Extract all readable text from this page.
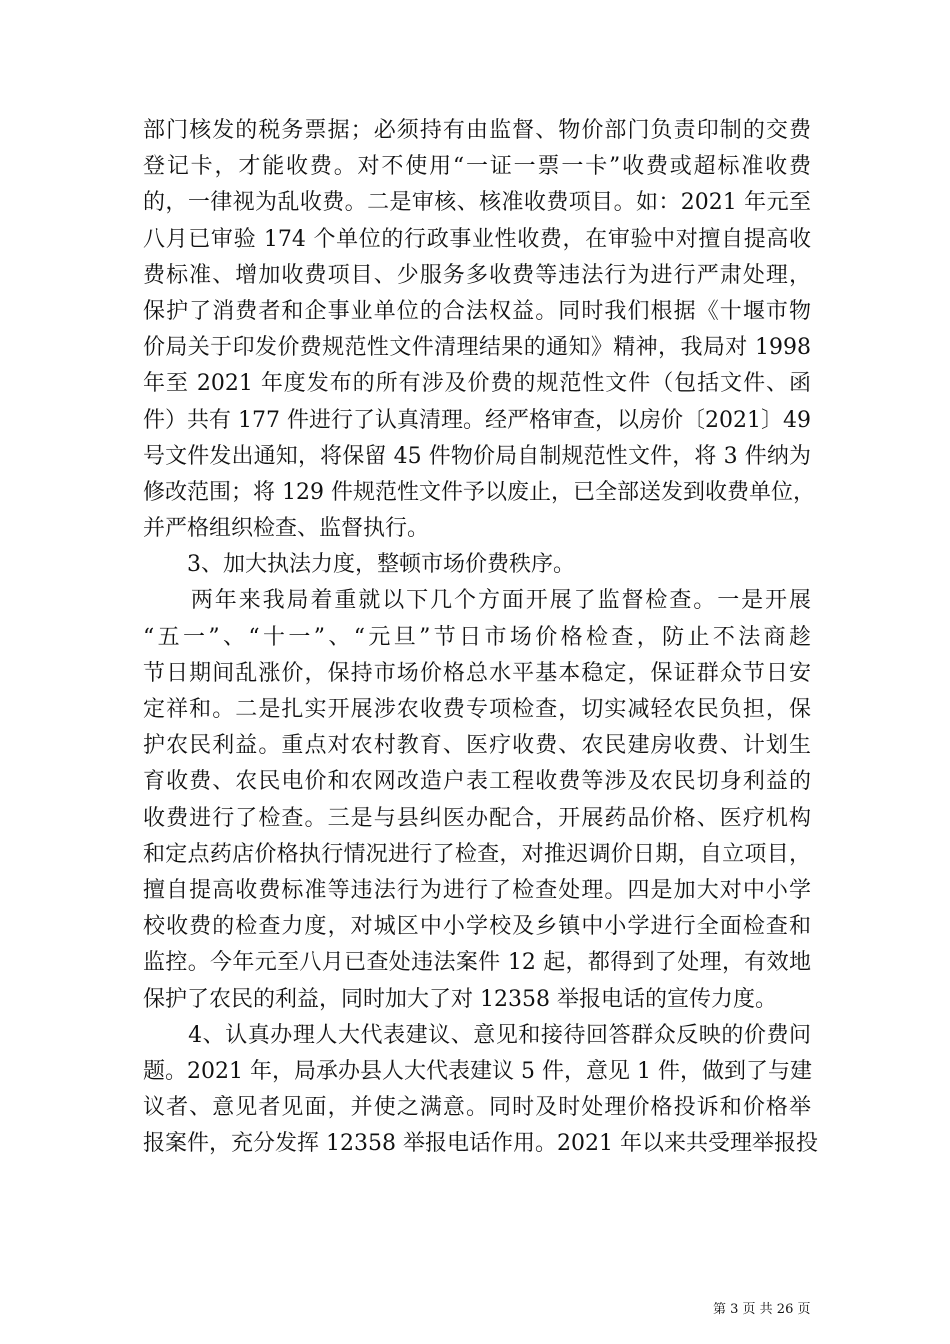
部门核发的税务票据；必须持有由监督、物价部门负责印制的交费
登记卡，才能收费。对不使用“一证一票一卡”收费或超标准收费
的，一律视为乱收费。二是审核、核准收费项目。如：2021 年元至
八月已审验 174 个单位的行政事业性收费，在审验中对擅自提高收
费标准、增加收费项目、少服务多收费等违法行为进行严肃处理，
保护了消费者和企事业单位的合法权益。同时我们根据《十堰市物
价局关于印发价费规范性文件清理结果的通知》精神，我局对 1998
年至 2021 年度发布的所有涉及价费的规范性文件（包括文件、函
件）共有 177 件进行了认真清理。经严格审查，以房价〔2021〕49
号文件发出通知，将保留 45 件物价局自制规范性文件，将 3 件纳为
修改范围；将 129 件规范性文件予以废止，已全部送发到收费单位，
并严格组织检查、监督执行。
　　3、加大执法力度，整顿市场价费秩序。
　　两年来我局着重就以下几个方面开展了监督检查。一是开展
“五一”、“十一”、“元旦”节日市场价格检查，防止不法商趁
节日期间乱涨价，保持市场价格总水平基本稳定，保证群众节日安
定祥和。二是扎实开展涉农收费专项检查，切实减轻农民负担，保
护农民利益。重点对农村教育、医疗收费、农民建房收费、计划生
育收费、农民电价和农网改造户表工程收费等涉及农民切身利益的
收费进行了检查。三是与县纠医办配合，开展药品价格、医疗机构
和定点药店价格执行情况进行了检查，对推迟调价日期，自立项目，
擅自提高收费标准等违法行为进行了检查处理。四是加大对中小学
校收费的检查力度，对城区中小学校及乡镇中小学进行全面检查和
监控。今年元至八月已查处违法案件 12 起，都得到了处理，有效地
保护了农民的利益，同时加大了对 12358 举报电话的宣传力度。
　　4、认真办理人大代表建议、意见和接待回答群众反映的价费问
题。2021 年，局承办县人大代表建议 5 件，意见 1 件，做到了与建
议者、意见者见面，并使之满意。同时及时处理价格投诉和价格举
报案件，充分发挥 12358 举报电话作用。2021 年以来共受理举报投
第 3 页 共 26 页
